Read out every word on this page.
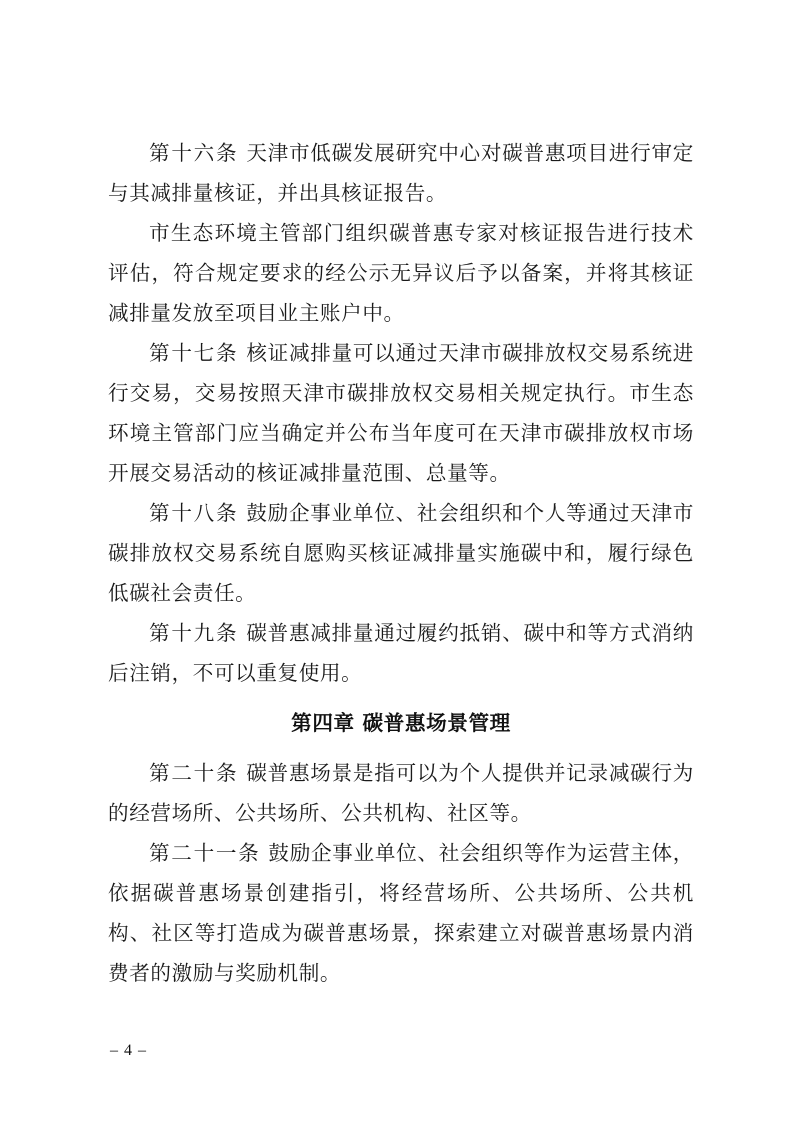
第十六条 天津市低碳发展研究中心对碳普惠项目进行审定与其减排量核证，并出具核证报告。

市生态环境主管部门组织碳普惠专家对核证报告进行技术评估，符合规定要求的经公示无异议后予以备案，并将其核证减排量发放至项目业主账户中。

第十七条 核证减排量可以通过天津市碳排放权交易系统进行交易，交易按照天津市碳排放权交易相关规定执行。市生态环境主管部门应当确定并公布当年度可在天津市碳排放权市场开展交易活动的核证减排量范围、总量等。

第十八条 鼓励企事业单位、社会组织和个人等通过天津市碳排放权交易系统自愿购买核证减排量实施碳中和，履行绿色低碳社会责任。

第十九条 碳普惠减排量通过履约抵销、碳中和等方式消纳后注销，不可以重复使用。

第四章 碳普惠场景管理

第二十条 碳普惠场景是指可以为个人提供并记录减碳行为的经营场所、公共场所、公共机构、社区等。

第二十一条 鼓励企事业单位、社会组织等作为运营主体，依据碳普惠场景创建指引，将经营场所、公共场所、公共机构、社区等打造成为碳普惠场景，探索建立对碳普惠场景内消费者的激励与奖励机制。

– 4 –
